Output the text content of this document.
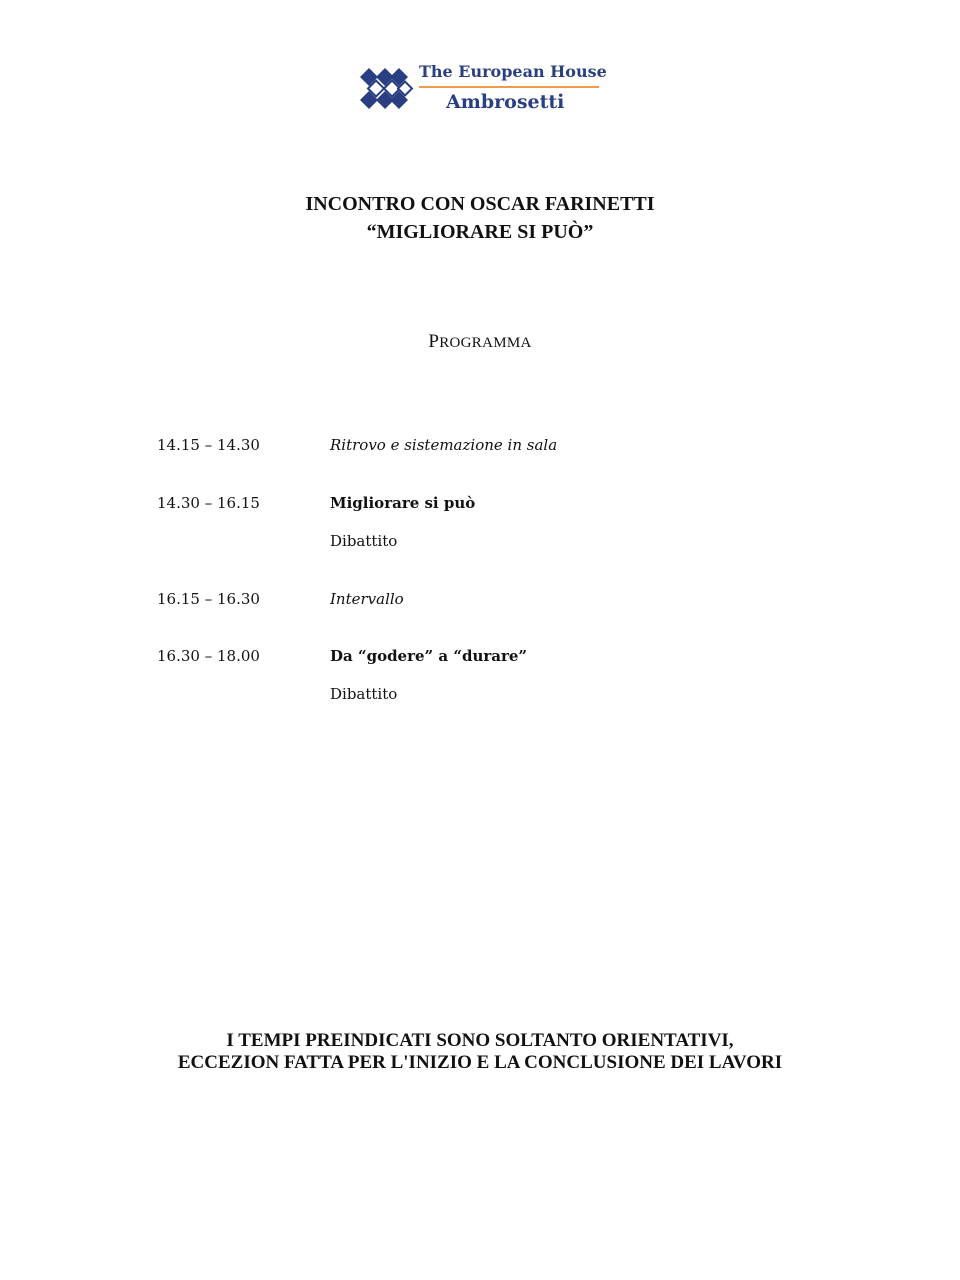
The European House
Ambrosetti
INCONTRO CON OSCAR FARINETTI
“MIGLIORARE SI PUÒ”
PROGRAMMA
14.15 – 14.30	Ritrovo e sistemazione in sala
14.30 – 16.15	Migliorare si può
Dibattito
16.15 – 16.30	Intervallo
16.30 – 18.00	Da “godere” a “durare”
Dibattito
I TEMPI PREINDICATI SONO SOLTANTO ORIENTATIVI,
ECCEZION FATTA PER L'INIZIO E LA CONCLUSIONE DEI LAVORI
